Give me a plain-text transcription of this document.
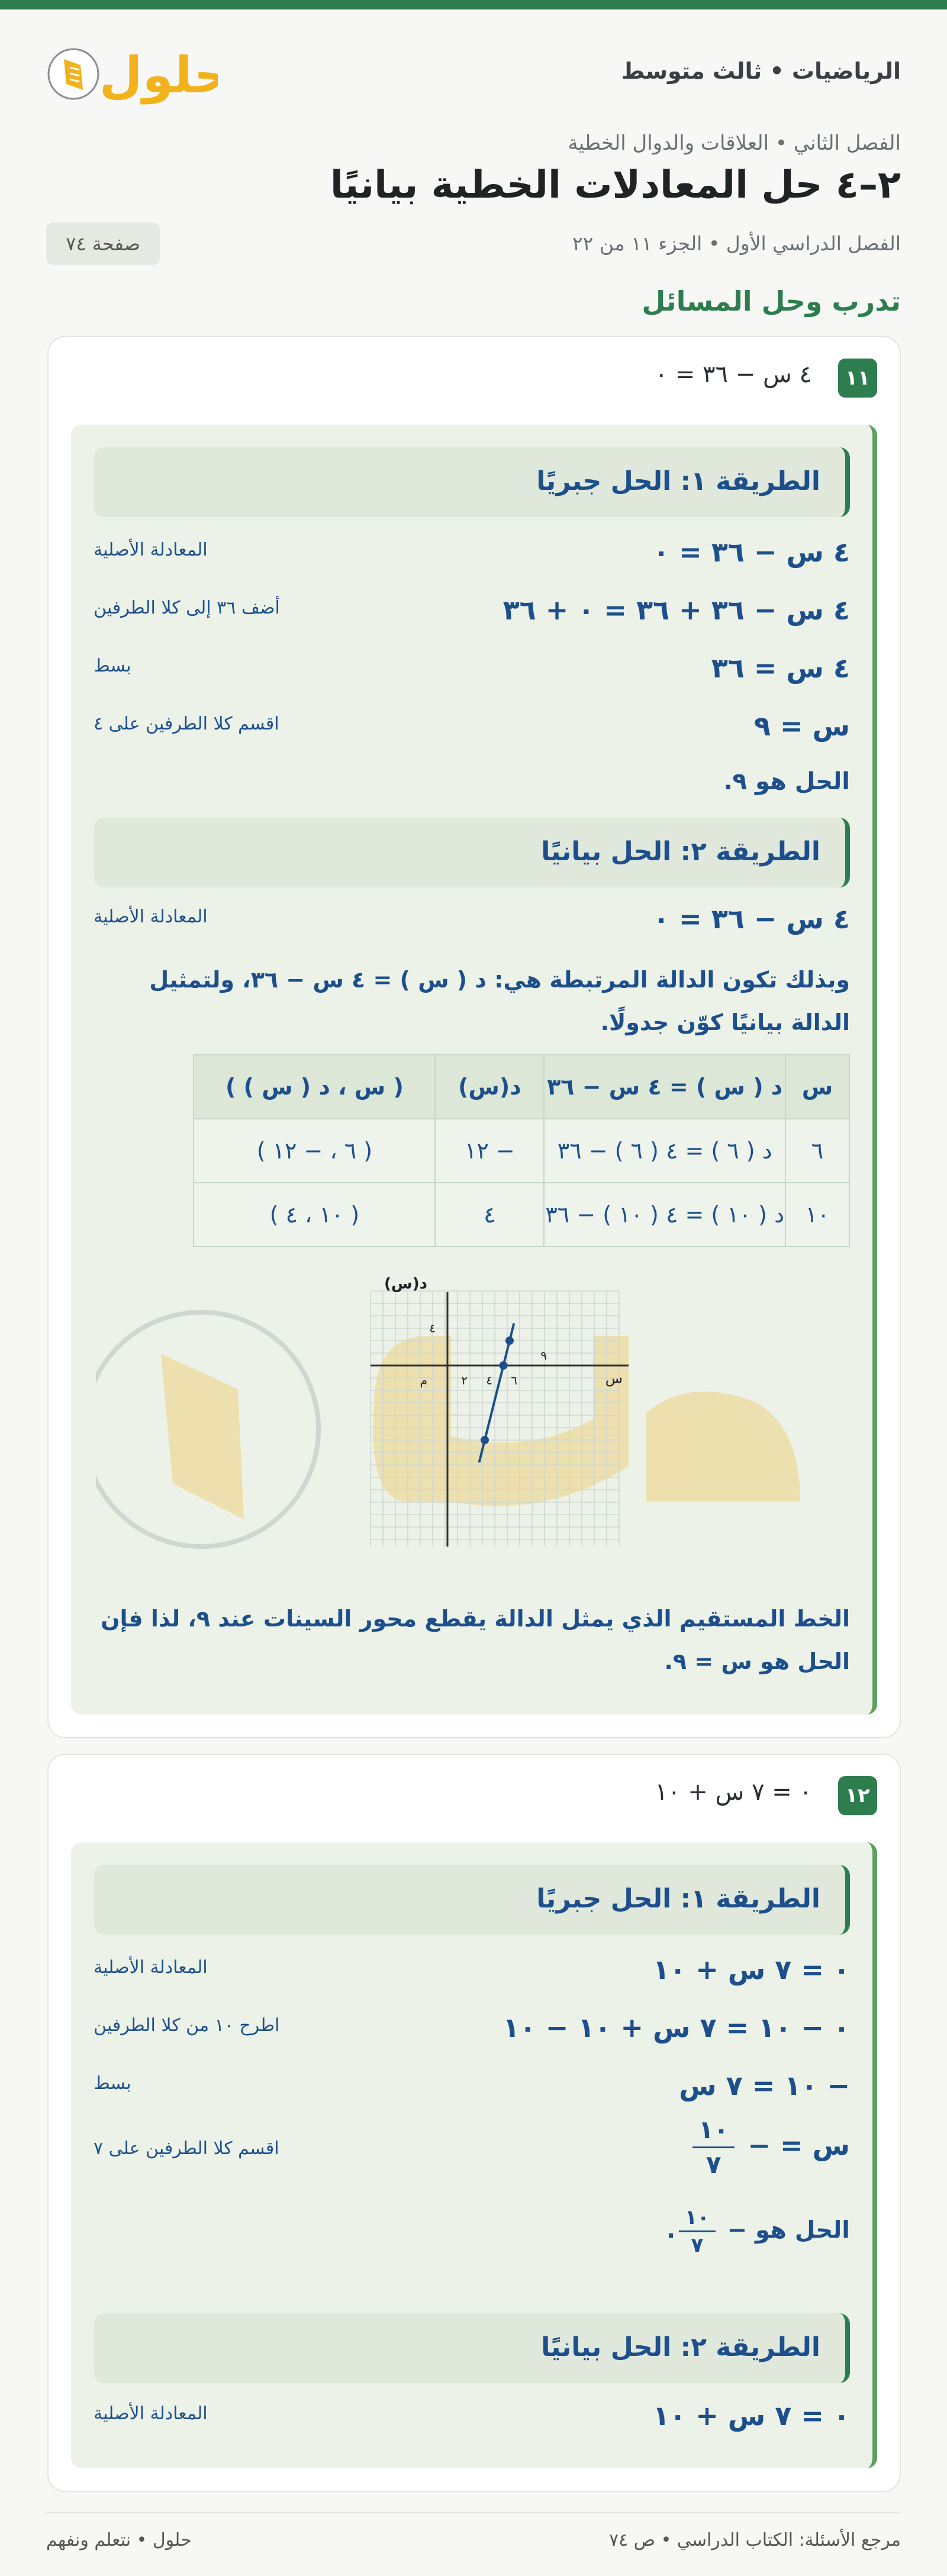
الرياضيات • ثالث متوسط
حلول
الفصل الثاني • العلاقات والدوال الخطية
٢–٤ حل المعادلات الخطية بيانيًا
الفصل الدراسي الأول • الجزء ١١ من ٢٢
صفحة ٧٤
تدرب وحل المسائل
١١
٤ س − ٣٦ = ٠
الطريقة ١: الحل جبريًا
٤ س − ٣٦ = ٠
المعادلة الأصلية
٤ س − ٣٦ + ٣٦ = ٠ + ٣٦
أضف ٣٦ إلى كلا الطرفين
٤ س = ٣٦
بسط
س = ٩
اقسم كلا الطرفين على ٤
الحل هو ٩.
الطريقة ٢: الحل بيانيًا
٤ س − ٣٦ = ٠
المعادلة الأصلية
وبذلك تكون الدالة المرتبطة هي: د ( س ) = ٤ س − ٣٦، ولتمثيل الدالة بيانيًا كوّن جدولًا.
س	د ( س ) = ٤ س − ٣٦	د(س)	( س ، د ( س ) )
٦	د ( ٦ ) = ٤ ( ٦ ) − ٣٦	− ١٢	( ٦ ، − ١٢ )
١٠	د ( ١٠ ) = ٤ ( ١٠ ) − ٣٦	٤	( ١٠ ، ٤ )
د(س)
س
م	٢ ٤ ٦
٤
٩
الخط المستقيم الذي يمثل الدالة يقطع محور السينات عند ٩، لذا فإن الحل هو س = ٩.
١٢
٠ = ٧ س + ١٠
الطريقة ١: الحل جبريًا
٠ = ٧ س + ١٠
المعادلة الأصلية
٠ − ١٠ = ٧ س + ١٠ − ١٠
اطرح ١٠ من كلا الطرفين
− ١٠ = ٧ س
بسط
س = −
$\frac{١٠}{٧}$
اقسم كلا الطرفين على ٧
الحل هو −
$\frac{١٠}{٧}$
.
الطريقة ٢: الحل بيانيًا
٠ = ٧ س + ١٠
المعادلة الأصلية
حلول • نتعلم ونفهم	مرجع الأسئلة: الكتاب الدراسي • ص ٧٤
